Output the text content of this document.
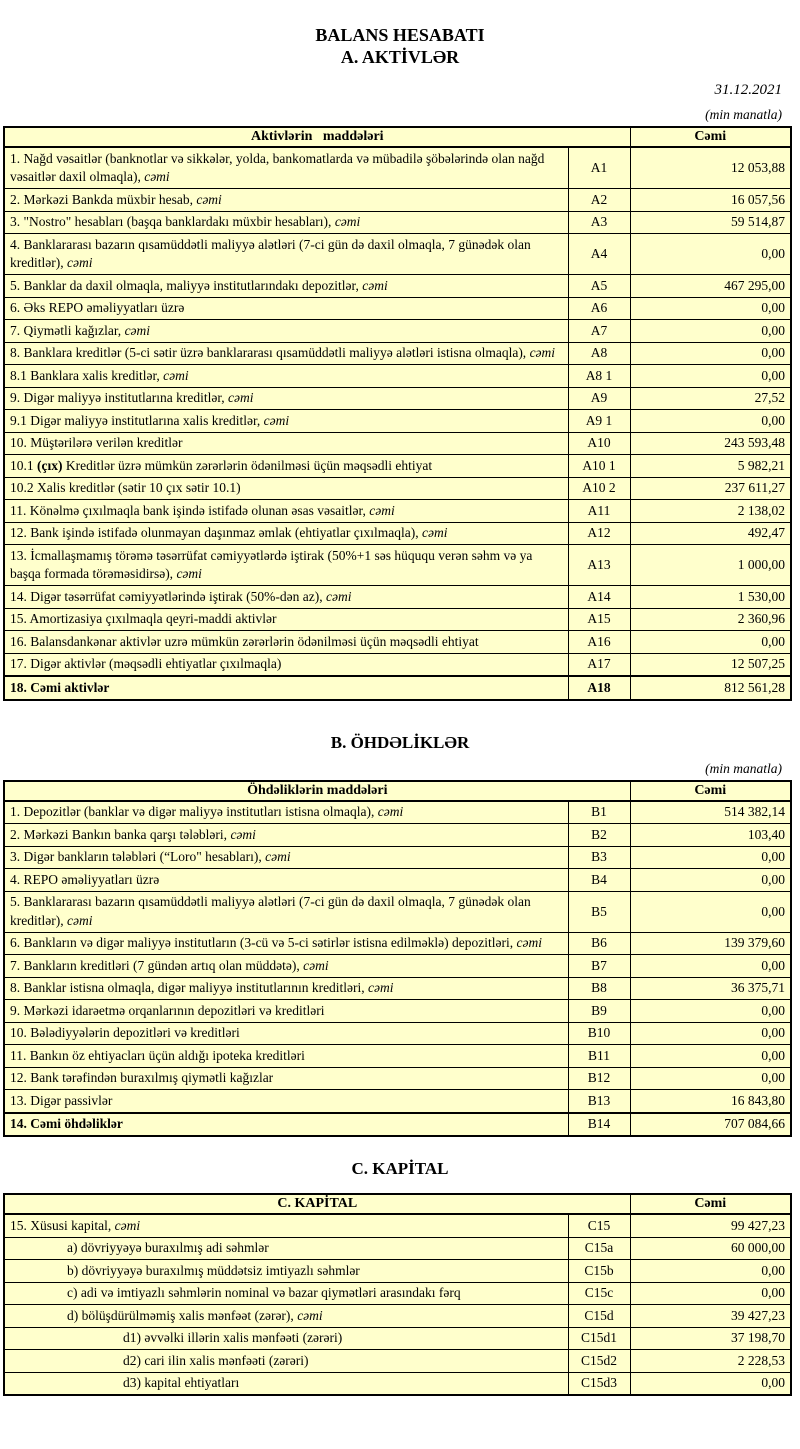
BALANS HESABATI
A. AKTİVLƏR
31.12.2021
(min manatla)
Aktivlərin   maddələri		Cəmi
1. Nağd vəsaitlər (banknotlar və sikkələr, yolda, bankomatlarda və mübadilə şöbələrində olan nağd vəsaitlər daxil olmaqla), cəmi	A1	12 053,88
2. Mərkəzi Bankda müxbir hesab, cəmi	A2	16 057,56
3. "Nostro" hesabları (başqa banklardakı müxbir hesabları), cəmi	A3	59 514,87
4. Banklararası bazarın qısamüddətli maliyyə alətləri (7-ci gün də daxil olmaqla, 7 günədək olan kreditlər), cəmi	A4	0,00
5. Banklar da daxil olmaqla, maliyyə institutlarındakı depozitlər, cəmi	A5	467 295,00
6. Əks REPO əməliyyatları üzrə	A6	0,00
7. Qiymətli kağızlar, cəmi	A7	0,00
8. Banklara kreditlər (5-ci sətir üzrə banklararası qısamüddətli maliyyə alətləri istisna olmaqla), cəmi	A8	0,00
8.1 Banklara xalis kreditlər, cəmi	A8 1	0,00
9. Digər maliyyə institutlarına kreditlər, cəmi	A9	27,52
9.1 Digər maliyyə institutlarına xalis kreditlər, cəmi	A9 1	0,00
10. Müştərilərə verilən kreditlər	A10	243 593,48
10.1 (çıx) Kreditlər üzrə mümkün zərərlərin ödənilməsi üçün məqsədli ehtiyat	A10 1	5 982,21
10.2 Xalis kreditlər (sətir 10 çıx sətir 10.1)	A10 2	237 611,27
11. Könəlmə çıxılmaqla bank işində istifadə olunan əsas vəsaitlər, cəmi	A11	2 138,02
12. Bank işində istifadə olunmayan daşınmaz əmlak (ehtiyatlar çıxılmaqla), cəmi	A12	492,47
13. İcmallaşmamış törəmə təsərrüfat cəmiyyətlərdə iştirak (50%+1 səs hüququ verən səhm və ya başqa formada törəməsidirsə), cəmi	A13	1 000,00
14. Digər təsərrüfat cəmiyyətlərində iştirak (50%-dən az), cəmi	A14	1 530,00
15. Amortizasiya çıxılmaqla qeyri-maddi aktivlər	A15	2 360,96
16. Balansdankənar aktivlər uzrə mümkün zərərlərin ödənilməsi üçün məqsədli ehtiyat	A16	0,00
17. Digər aktivlər (məqsədli ehtiyatlar çıxılmaqla)	A17	12 507,25
18. Cəmi aktivlər	A18	812 561,28
B. ÖHDƏLİKLƏR
(min manatla)
Öhdəliklərin maddələri		Cəmi
1. Depozitlər (banklar və digər maliyyə institutları istisna olmaqla), cəmi	B1	514 382,14
2. Mərkəzi Bankın banka qarşı tələbləri, cəmi	B2	103,40
3. Digər bankların tələbləri (“Loro" hesabları), cəmi	B3	0,00
4. REPO əməliyyatları üzrə	B4	0,00
5. Banklararası bazarın qısamüddətli maliyyə alətləri (7-ci gün də daxil olmaqla, 7 günədək olan kreditlər), cəmi	B5	0,00
6. Bankların və digər maliyyə institutların (3-cü və 5-ci sətirlər istisna edilməklə) depozitləri, cəmi	B6	139 379,60
7. Bankların kreditləri (7 gündən artıq olan müddətə), cəmi	B7	0,00
8. Banklar istisna olmaqla, digər maliyyə institutlarının kreditləri, cəmi	B8	36 375,71
9. Mərkəzi idarəetmə orqanlarının depozitləri və kreditləri	B9	0,00
10. Bələdiyyələrin depozitləri və kreditləri	B10	0,00
11. Bankın öz ehtiyacları üçün aldığı ipoteka kreditləri	B11	0,00
12. Bank tərəfindən buraxılmış qiymətli kağızlar	B12	0,00
13. Digər passivlər	B13	16 843,80
14. Cəmi öhdəliklər	B14	707 084,66
C. KAPİTAL
C. KAPİTAL		Cəmi
15. Xüsusi kapital, cəmi	C15	99 427,23
a) dövriyyəyə buraxılmış adi səhmlər	C15a	60 000,00
b) dövriyyəyə buraxılmış müddətsiz imtiyazlı səhmlər	C15b	0,00
c) adi və imtiyazlı səhmlərin nominal və bazar qiymətləri arasındakı fərq	C15c	0,00
d) bölüşdürülməmiş xalis mənfəət (zərər), cəmi	C15d	39 427,23
d1) əvvəlki illərin xalis mənfəəti (zərəri)	C15d1	37 198,70
d2) cari ilin xalis mənfəəti (zərəri)	C15d2	2 228,53
d3) kapital ehtiyatları	C15d3	0,00
